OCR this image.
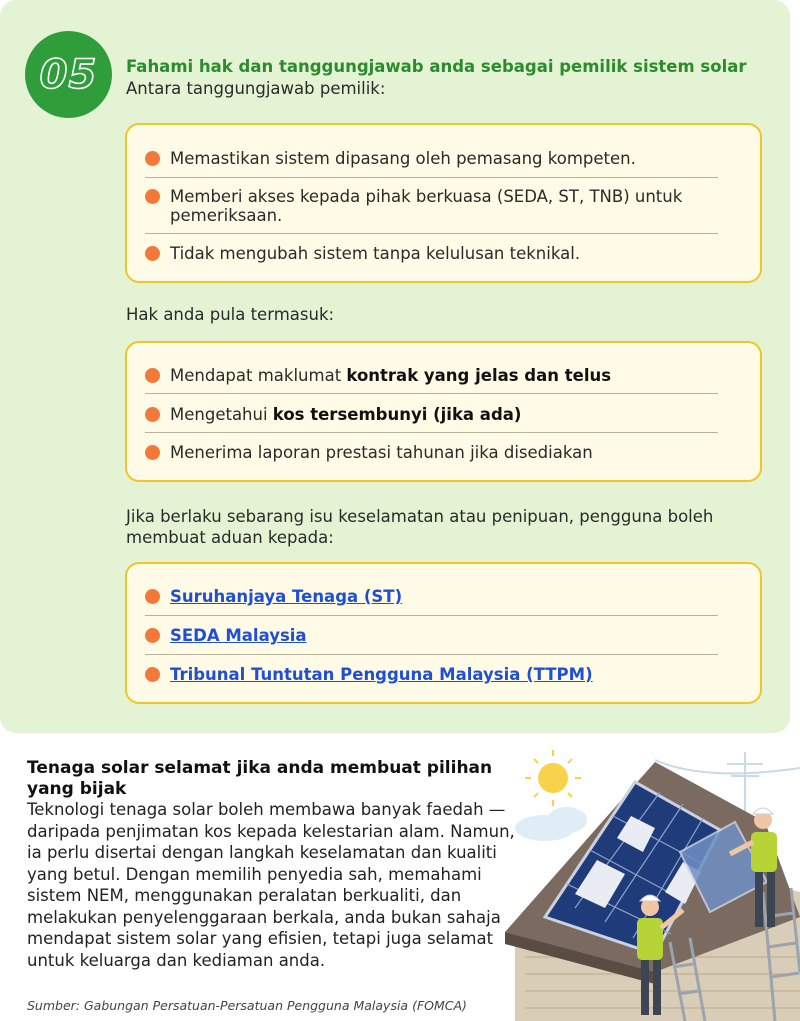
05 Fahami hak dan tanggungjawab anda sebagai pemilik sistem solar

Antara tanggungjawab pemilik:

Memastikan sistem dipasang oleh pemasang kompeten.
Memberi akses kepada pihak berkuasa (SEDA, ST, TNB) untuk pemeriksaan.
Tidak mengubah sistem tanpa kelulusan teknikal.

Hak anda pula termasuk:

Mendapat maklumat kontrak yang jelas dan telus
Mengetahui kos tersembunyi (jika ada)
Menerima laporan prestasi tahunan jika disediakan

Jika berlaku sebarang isu keselamatan atau penipuan, pengguna boleh membuat aduan kepada:

Suruhanjaya Tenaga (ST)
SEDA Malaysia
Tribunal Tuntutan Pengguna Malaysia (TTPM)
Tenaga solar selamat jika anda membuat pilihan yang bijak

Teknologi tenaga solar boleh membawa banyak faedah — daripada penjimatan kos kepada kelestarian alam. Namun, ia perlu disertai dengan langkah keselamatan dan kualiti yang betul. Dengan memilih penyedia sah, memahami sistem NEM, menggunakan peralatan berkualiti, dan melakukan penyelenggaraan berkala, anda bukan sahaja mendapat sistem solar yang efisien, tetapi juga selamat untuk keluarga dan kediaman anda.

Sumber: Gabungan Persatuan-Persatuan Pengguna Malaysia (FOMCA)
